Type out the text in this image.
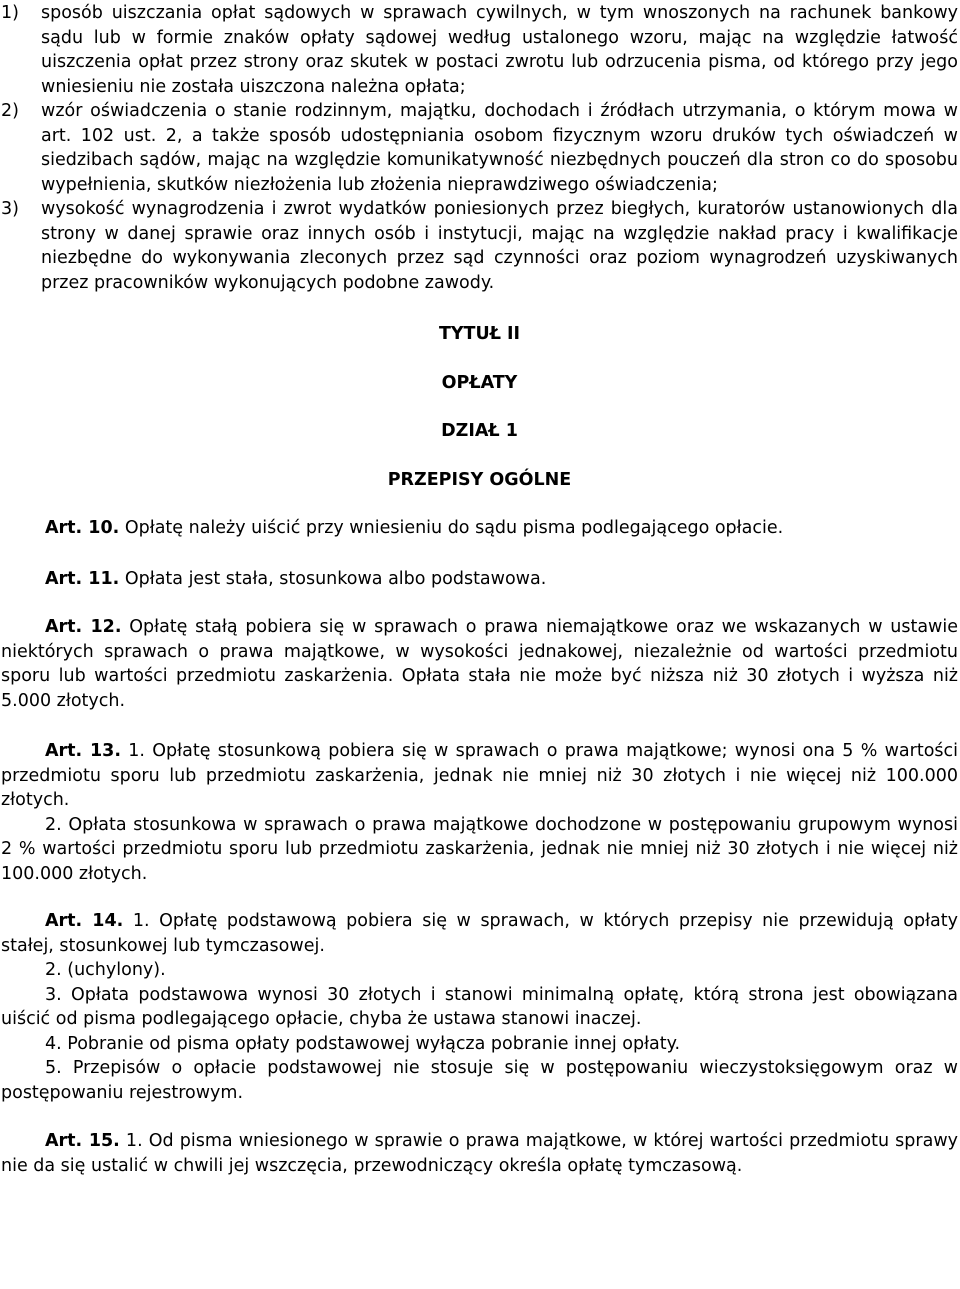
1)	sposób uiszczania opłat sądowych w sprawach cywilnych, w tym wnoszonych na rachunek bankowy sądu lub w formie znaków opłaty sądowej według ustalonego wzoru, mając na względzie łatwość uiszczenia opłat przez strony oraz skutek w postaci zwrotu lub odrzucenia pisma, od którego przy jego wniesieniu nie została uiszczona należna opłata;
2)	wzór oświadczenia o stanie rodzinnym, majątku, dochodach i źródłach utrzymania, o którym mowa w art. 102 ust. 2, a także sposób udostępniania osobom fizycznym wzoru druków tych oświadczeń w siedzibach sądów, mając na względzie komunikatywność niezbędnych pouczeń dla stron co do sposobu wypełnienia, skutków niezłożenia lub złożenia nieprawdziwego oświadczenia;
3)	wysokość wynagrodzenia i zwrot wydatków poniesionych przez biegłych, kuratorów ustanowionych dla strony w danej sprawie oraz innych osób i instytucji, mając na względzie nakład pracy i kwalifikacje niezbędne do wykonywania zleconych przez sąd czynności oraz poziom wynagrodzeń uzyskiwanych przez pracowników wykonujących podobne zawody.

TYTUŁ II

OPŁATY

DZIAŁ 1

PRZEPISY OGÓLNE

Art. 10. Opłatę należy uiścić przy wniesieniu do sądu pisma podlegającego opłacie.

Art. 11. Opłata jest stała, stosunkowa albo podstawowa.

Art. 12. Opłatę stałą pobiera się w sprawach o prawa niemajątkowe oraz we wskazanych w ustawie niektórych sprawach o prawa majątkowe, w wysokości jednakowej, niezależnie od wartości przedmiotu sporu lub wartości przedmiotu zaskarżenia. Opłata stała nie może być niższa niż 30 złotych i wyższa niż 5.000 złotych.

Art. 13. 1. Opłatę stosunkową pobiera się w sprawach o prawa majątkowe; wynosi ona 5 % wartości przedmiotu sporu lub przedmiotu zaskarżenia, jednak nie mniej niż 30 złotych i nie więcej niż 100.000 złotych.

2. Opłata stosunkowa w sprawach o prawa majątkowe dochodzone w postępowaniu grupowym wynosi 2 % wartości przedmiotu sporu lub przedmiotu zaskarżenia, jednak nie mniej niż 30 złotych i nie więcej niż 100.000 złotych.

Art. 14. 1. Opłatę podstawową pobiera się w sprawach, w których przepisy nie przewidują opłaty stałej, stosunkowej lub tymczasowej.

2. (uchylony).

3. Opłata podstawowa wynosi 30 złotych i stanowi minimalną opłatę, którą strona jest obowiązana uiścić od pisma podlegającego opłacie, chyba że ustawa stanowi inaczej.

4. Pobranie od pisma opłaty podstawowej wyłącza pobranie innej opłaty.

5. Przepisów o opłacie podstawowej nie stosuje się w postępowaniu wieczystoksięgowym oraz w postępowaniu rejestrowym.

Art. 15. 1. Od pisma wniesionego w sprawie o prawa majątkowe, w której wartości przedmiotu sprawy nie da się ustalić w chwili jej wszczęcia, przewodniczący określa opłatę tymczasową.
